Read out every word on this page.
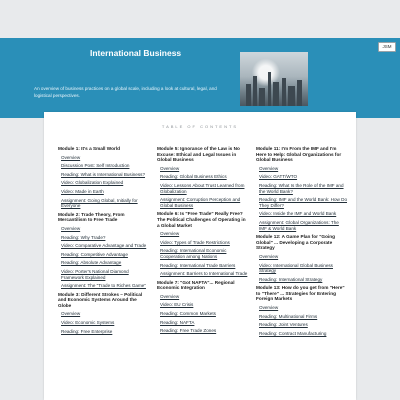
International Business
An overview of business practices on a global scale, including a look at cultural, legal, and logistical perspectives.
JSM
TABLE OF CONTENTS
Module 1: It's a Small World
Overview
Discussion Post: Self Introduction
Reading: What is International Business?
Video: Globalization Explained
Video: Made in Earth
Assignment: Going Global, Initially for Everyone
Module 2: Trade Theory, From Mercantilism to Free Trade
Overview
Reading: Why Trade?
Video: Comparative Advantage and Trade
Reading: Competitive Advantage
Reading: Absolute Advantage
Video: Porter's National Diamond Framework Explained
Assignment: The "Trade to Riches Game"
Module 3: Different Strokes – Political and Economic Systems Around the Globe
Overview
Video: Economic Systems
Reading: Free Enterprise
Module 5: Ignorance of the Law is No Excuse: Ethical and Legal Issues in Global Business
Overview
Reading: Global Business Ethics
Video: Lessons About Trust Learned from Globalization
Assignment: Corruption Perception and Global Business
Module 6: Is "Free Trade" Really Free? The Political Challenges of Operating in a Global Market
Overview
Video: Types of Trade Restrictions
Reading: International Economic Cooperation among Nations
Reading: International Trade Barriers
Assignment: Barriers to International Trade
Module 7: "Got NAFTA"... Regional Economic Integration
Overview
Video: EU Crisis
Reading: Common Markets
Reading: NAFTA
Reading: Free Trade Zones
Module 11: I'm From the IMF and I'm Here to Help: Global Organizations for Global Business
Overview
Video: GATT/WTO
Reading: What Is the Role of the IMF and the World Bank?
Reading: IMF and the World Bank: How Do They Differ?
Video: Inside the IMF and World Bank
Assignment: Global Organizations: The IMF & World Bank
Module 12: A Game Plan for "Going Global" ... Developing a Corporate Strategy
Overview
Video: International Global Business Strategy
Reading: International Strategy
Module 13: How do you get from "Here" to "There" ... Strategies for Entering Foreign Markets
Overview
Reading: Multinational Firms
Reading: Joint Ventures
Reading: Contract Manufacturing
